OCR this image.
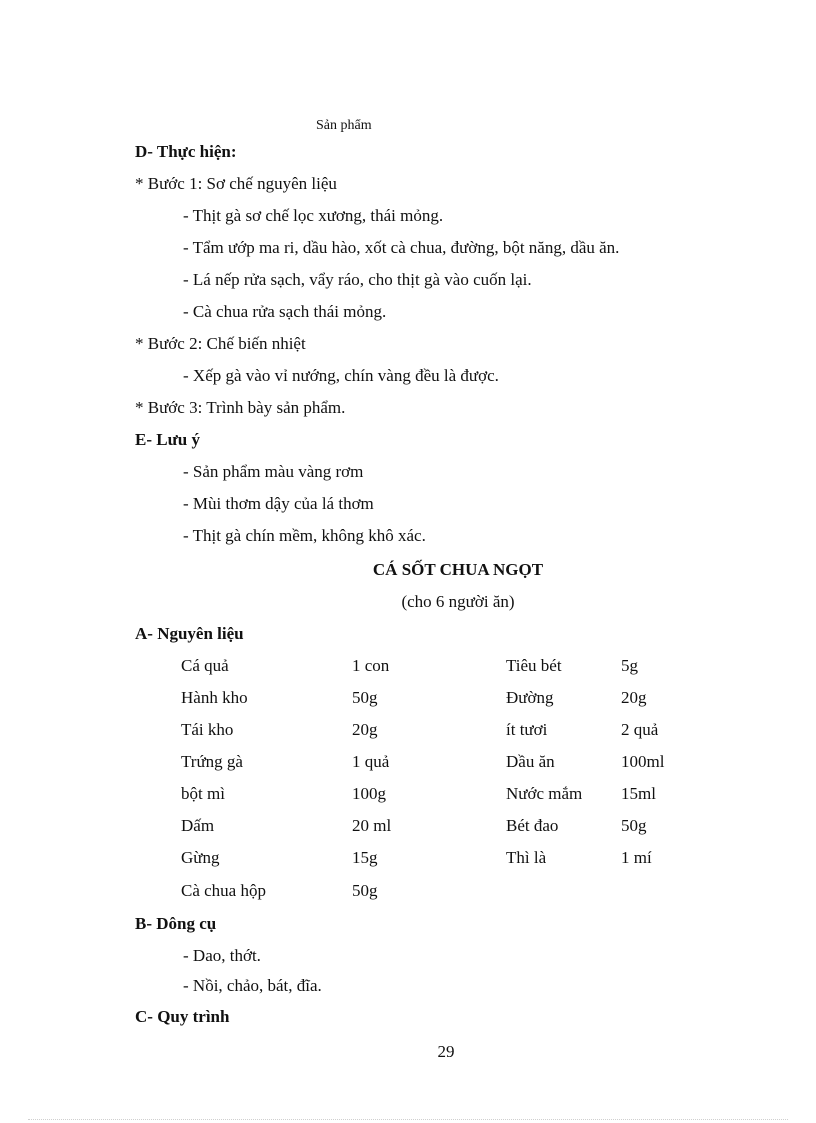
Sản phẩm
D- Thực hiện:
* Bước 1: Sơ chế nguyên liệu
- Thịt gà sơ chế lọc xương, thái mỏng.
- Tẩm ướp ma ri, dầu hào, xốt cà chua, đường, bột năng, dầu ăn.
- Lá nếp rửa sạch, vẩy ráo, cho thịt gà vào cuốn lại.
- Cà chua rửa sạch thái mỏng.
* Bước 2: Chế biến nhiệt
- Xếp gà vào vỉ nướng, chín vàng đều là được.
* Bước 3: Trình bày sản phẩm.
E- Lưu ý
- Sản phẩm màu vàng rơm
- Mùi thơm dậy của lá thơm
- Thịt gà chín mềm, không khô xác.
CÁ SỐT CHUA NGỌT
(cho 6 người ăn)
A- Nguyên liệu
Cá quả	1 con	Tiêu bét	5g
Hành kho	50g	Đường	20g
Tái kho	20g	ít tươi	2 quả
Trứng gà	1 quả	Dầu ăn	100ml
bột mì	100g	Nước mắm 15ml
Dấm	20 ml	Bét đao	50g
Gừng	15g	Thì là	1 mí
Cà chua hộp	50g
B- Dông cụ
- Dao, thớt.
- Nồi, chảo, bát, đĩa.
C- Quy trình
29
